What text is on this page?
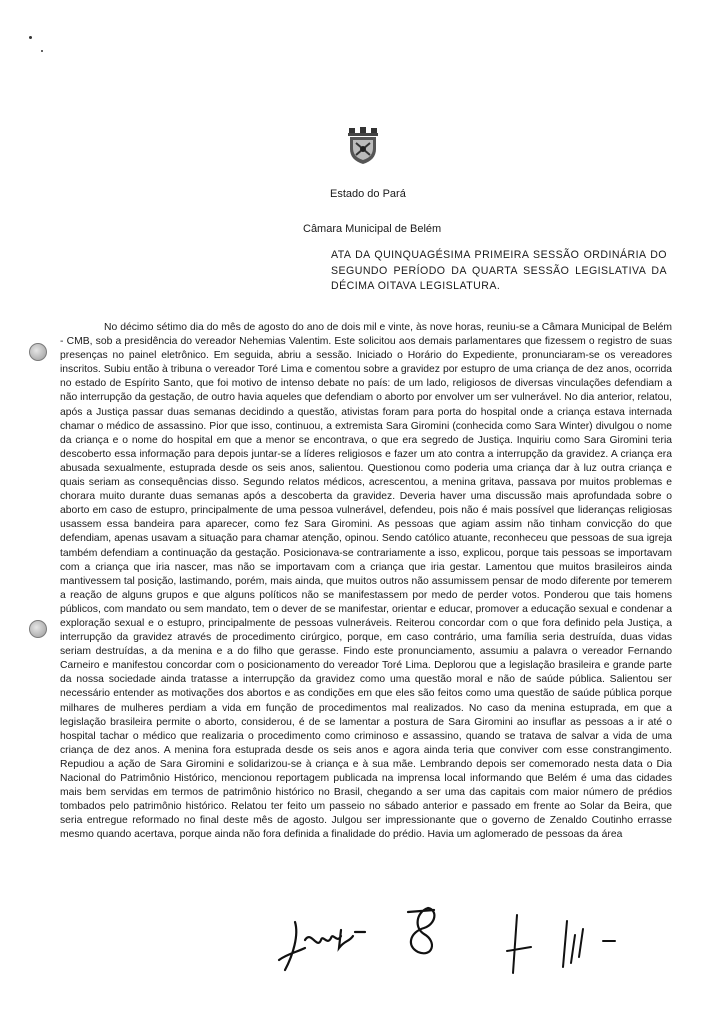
Estado do Pará
Câmara Municipal de Belém
ATA DA QUINQUAGÉSIMA PRIMEIRA SESSÃO ORDINÁRIA DO SEGUNDO PERÍODO DA QUARTA SESSÃO LEGISLATIVA DA DÉCIMA OITAVA LEGISLATURA.

No décimo sétimo dia do mês de agosto do ano de dois mil e vinte, às nove horas, reuniu-se a Câmara Municipal de Belém - CMB, sob a presidência do vereador Nehemias Valentim. Este solicitou aos demais parlamentares que fizessem o registro de suas presenças no painel eletrônico. Em seguida, abriu a sessão. Iniciado o Horário do Expediente, pronunciaram-se os vereadores inscritos. Subiu então à tribuna o vereador Toré Lima e comentou sobre a gravidez por estupro de uma criança de dez anos, ocorrida no estado de Espírito Santo, que foi motivo de intenso debate no país: de um lado, religiosos de diversas vinculações defendiam a não interrupção da gestação, de outro havia aqueles que defendiam o aborto por envolver um ser vulnerável. No dia anterior, relatou, após a Justiça passar duas semanas decidindo a questão, ativistas foram para porta do hospital onde a criança estava internada chamar o médico de assassino. Pior que isso, continuou, a extremista Sara Giromini (conhecida como Sara Winter) divulgou o nome da criança e o nome do hospital em que a menor se encontrava, o que era segredo de Justiça. Inquiriu como Sara Giromini teria descoberto essa informação para depois juntar-se a líderes religiosos e fazer um ato contra a interrupção da gravidez. A criança era abusada sexualmente, estuprada desde os seis anos, salientou. Questionou como poderia uma criança dar à luz outra criança e quais seriam as consequências disso. Segundo relatos médicos, acrescentou, a menina gritava, passava por muitos problemas e chorara muito durante duas semanas após a descoberta da gravidez. Deveria haver uma discussão mais aprofundada sobre o aborto em caso de estupro, principalmente de uma pessoa vulnerável, defendeu, pois não é mais possível que lideranças religiosas usassem essa bandeira para aparecer, como fez Sara Giromini. As pessoas que agiam assim não tinham convicção do que defendiam, apenas usavam a situação para chamar atenção, opinou. Sendo católico atuante, reconheceu que pessoas de sua igreja também defendiam a continuação da gestação. Posicionava-se contrariamente a isso, explicou, porque tais pessoas se importavam com a criança que iria nascer, mas não se importavam com a criança que iria gestar. Lamentou que muitos brasileiros ainda mantivessem tal posição, lastimando, porém, mais ainda, que muitos outros não assumissem pensar de modo diferente por temerem a reação de alguns grupos e que alguns políticos não se manifestassem por medo de perder votos. Ponderou que tais homens públicos, com mandato ou sem mandato, tem o dever de se manifestar, orientar e educar, promover a educação sexual e condenar a exploração sexual e o estupro, principalmente de pessoas vulneráveis. Reiterou concordar com o que fora definido pela Justiça, a interrupção da gravidez através de procedimento cirúrgico, porque, em caso contrário, uma família seria destruída, duas vidas seriam destruídas, a da menina e a do filho que gerasse. Findo este pronunciamento, assumiu a palavra o vereador Fernando Carneiro e manifestou concordar com o posicionamento do vereador Toré Lima. Deplorou que a legislação brasileira e grande parte da nossa sociedade ainda tratasse a interrupção da gravidez como uma questão moral e não de saúde pública. Salientou ser necessário entender as motivações dos abortos e as condições em que eles são feitos como uma questão de saúde pública porque milhares de mulheres perdiam a vida em função de procedimentos mal realizados. No caso da menina estuprada, em que a legislação brasileira permite o aborto, considerou, é de se lamentar a postura de Sara Giromini ao insuflar as pessoas a ir até o hospital tachar o médico que realizaria o procedimento como criminoso e assassino, quando se tratava de salvar a vida de uma criança de dez anos. A menina fora estuprada desde os seis anos e agora ainda teria que conviver com esse constrangimento. Repudiou a ação de Sara Giromini e solidarizou-se à criança e à sua mãe. Lembrando depois ser comemorado nesta data o Dia Nacional do Patrimônio Histórico, mencionou reportagem publicada na imprensa local informando que Belém é uma das cidades mais bem servidas em termos de patrimônio histórico no Brasil, chegando a ser uma das capitais com maior número de prédios tombados pelo patrimônio histórico. Relatou ter feito um passeio no sábado anterior e passado em frente ao Solar da Beira, que seria entregue reformado no final deste mês de agosto. Julgou ser impressionante que o governo de Zenaldo Coutinho errasse mesmo quando acertava, porque ainda não fora definida a finalidade do prédio. Havia um aglomerado de pessoas da área
